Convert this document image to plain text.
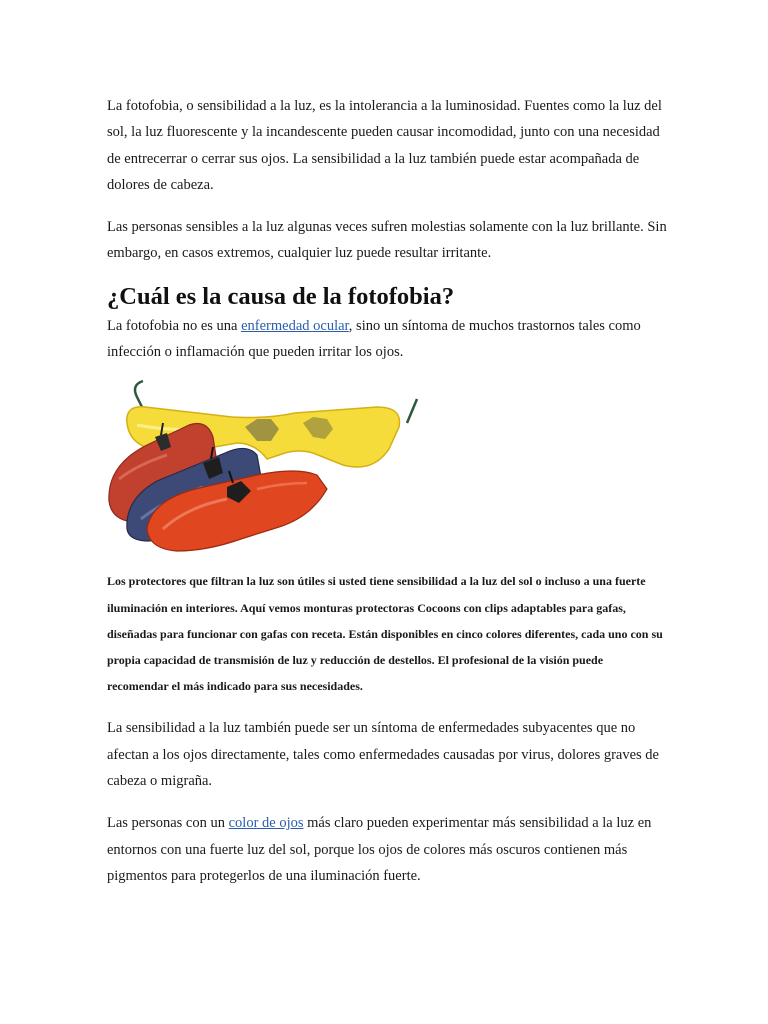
La fotofobia, o sensibilidad a la luz, es la intolerancia a la luminosidad. Fuentes como la luz del sol, la luz fluorescente y la incandescente pueden causar incomodidad, junto con una necesidad de entrecerrar o cerrar sus ojos. La sensibilidad a la luz también puede estar acompañada de dolores de cabeza.

Las personas sensibles a la luz algunas veces sufren molestias solamente con la luz brillante. Sin embargo, en casos extremos, cualquier luz puede resultar irritante.

¿Cuál es la causa de la fotofobia?

La fotofobia no es una enfermedad ocular, sino un síntoma de muchos trastornos tales como infección o inflamación que pueden irritar los ojos.

Los protectores que filtran la luz son útiles si usted tiene sensibilidad a la luz del sol o incluso a una fuerte iluminación en interiores. Aquí vemos monturas protectoras Cocoons con clips adaptables para gafas, diseñadas para funcionar con gafas con receta. Están disponibles en cinco colores diferentes, cada uno con su propia capacidad de transmisión de luz y reducción de destellos. El profesional de la visión puede recomendar el más indicado para sus necesidades.

La sensibilidad a la luz también puede ser un síntoma de enfermedades subyacentes que no afectan a los ojos directamente, tales como enfermedades causadas por virus, dolores graves de cabeza o migraña.

Las personas con un color de ojos más claro pueden experimentar más sensibilidad a la luz en entornos con una fuerte luz del sol, porque los ojos de colores más oscuros contienen más pigmentos para protegerlos de una iluminación fuerte.
